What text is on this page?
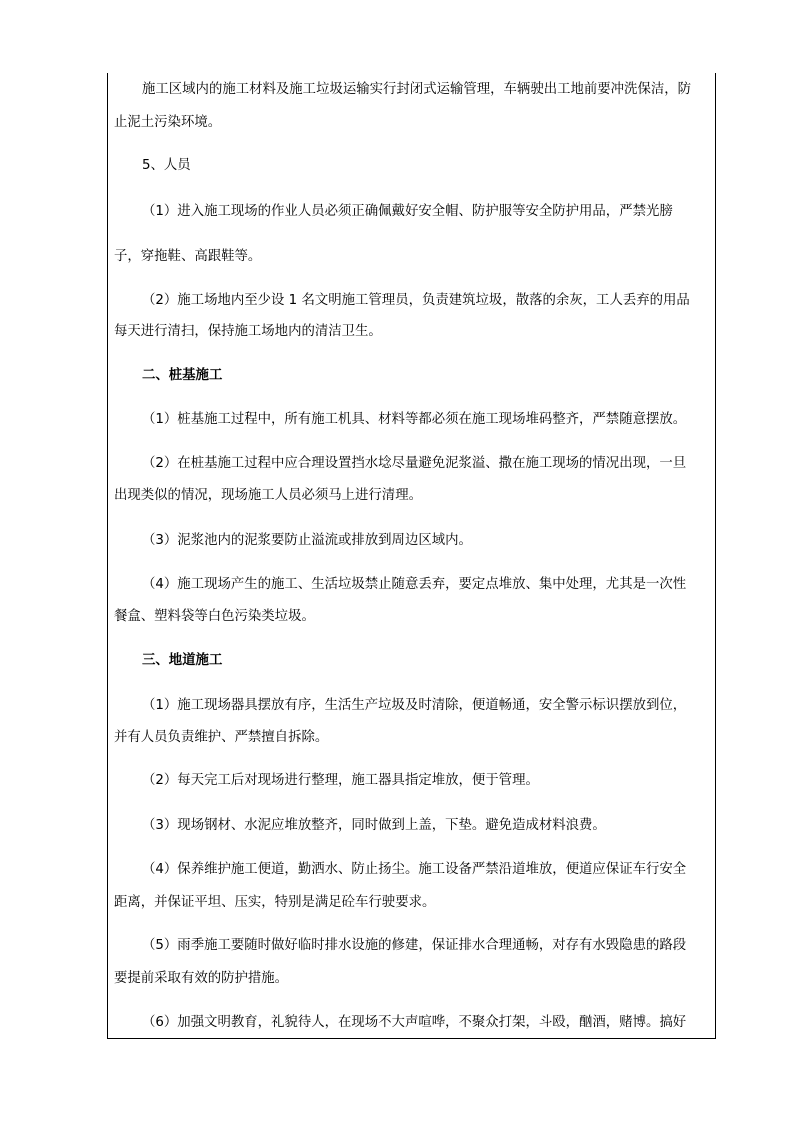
施工区域内的施工材料及施工垃圾运输实行封闭式运输管理，车辆驶出工地前要冲洗保洁，防
止泥土污染环境。
5、人员
（1）进入施工现场的作业人员必须正确佩戴好安全帽、防护服等安全防护用品，严禁光膀
子，穿拖鞋、高跟鞋等。
（2）施工场地内至少设 1 名文明施工管理员，负责建筑垃圾，散落的余灰，工人丢弃的用品
每天进行清扫，保持施工场地内的清洁卫生。
二、桩基施工
（1）桩基施工过程中，所有施工机具、材料等都必须在施工现场堆码整齐，严禁随意摆放。
（2）在桩基施工过程中应合理设置挡水埝尽量避免泥浆溢、撒在施工现场的情况出现，一旦
出现类似的情况，现场施工人员必须马上进行清理。
（3）泥浆池内的泥浆要防止溢流或排放到周边区域内。
（4）施工现场产生的施工、生活垃圾禁止随意丢弃，要定点堆放、集中处理，尤其是一次性
餐盒、塑料袋等白色污染类垃圾。
三、地道施工
（1）施工现场器具摆放有序，生活生产垃圾及时清除，便道畅通，安全警示标识摆放到位，
并有人员负责维护、严禁擅自拆除。
（2）每天完工后对现场进行整理，施工器具指定堆放，便于管理。
（3）现场钢材、水泥应堆放整齐，同时做到上盖，下垫。避免造成材料浪费。
（4）保养维护施工便道，勤洒水、防止扬尘。施工设备严禁沿道堆放，便道应保证车行安全
距离，并保证平坦、压实，特别是满足砼车行驶要求。
（5）雨季施工要随时做好临时排水设施的修建，保证排水合理通畅，对存有水毁隐患的路段
要提前采取有效的防护措施。
（6）加强文明教育，礼貌待人，在现场不大声喧哗，不聚众打架，斗殴，酗酒，赌博。搞好
